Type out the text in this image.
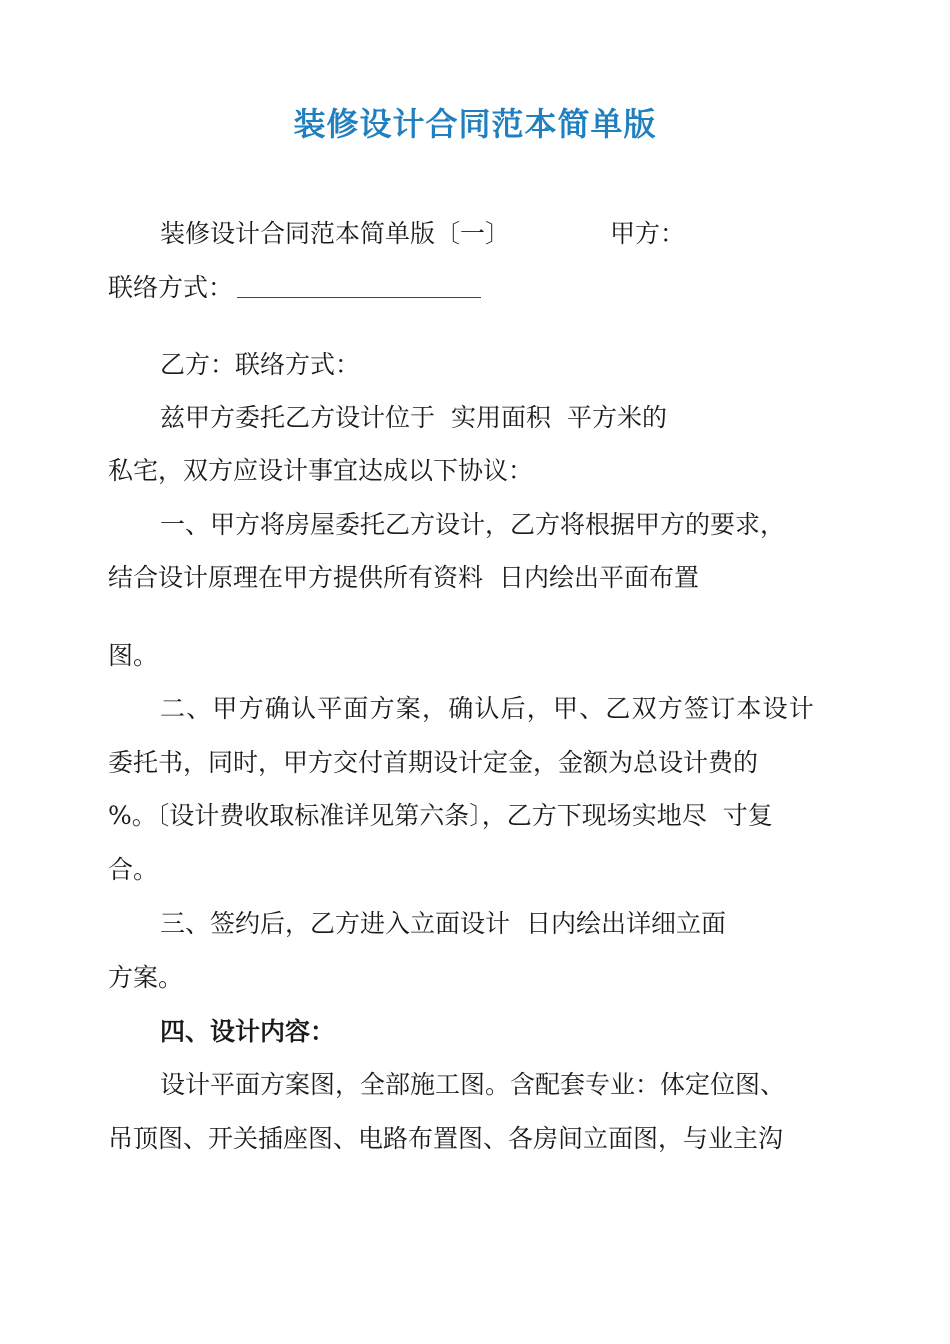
装修设计合同范本简单版
装修设计合同范本简单版〔一〕	甲方：
联络方式：
乙方：联络方式：
兹甲方委托乙方设计位于 实用面积 平方米的
私宅，双方应设计事宜达成以下协议：
一、甲方将房屋委托乙方设计，乙方将根据甲方的要求，
结合设计原理在甲方提供所有资料 日内绘出平面布置
图。
二、甲方确认平面方案，确认后，甲、乙双方签订本设计
委托书，同时，甲方交付首期设计定金，金额为总设计费的
%。〔设计费收取标准详见第六条〕，乙方下现场实地尽 寸复
合。
三、签约后，乙方进入立面设计 日内绘出详细立面
方案。
四、设计内容：
设计平面方案图，全部施工图。含配套专业：体定位图、
吊顶图、开关插座图、电路布置图、各房间立面图，与业主沟
